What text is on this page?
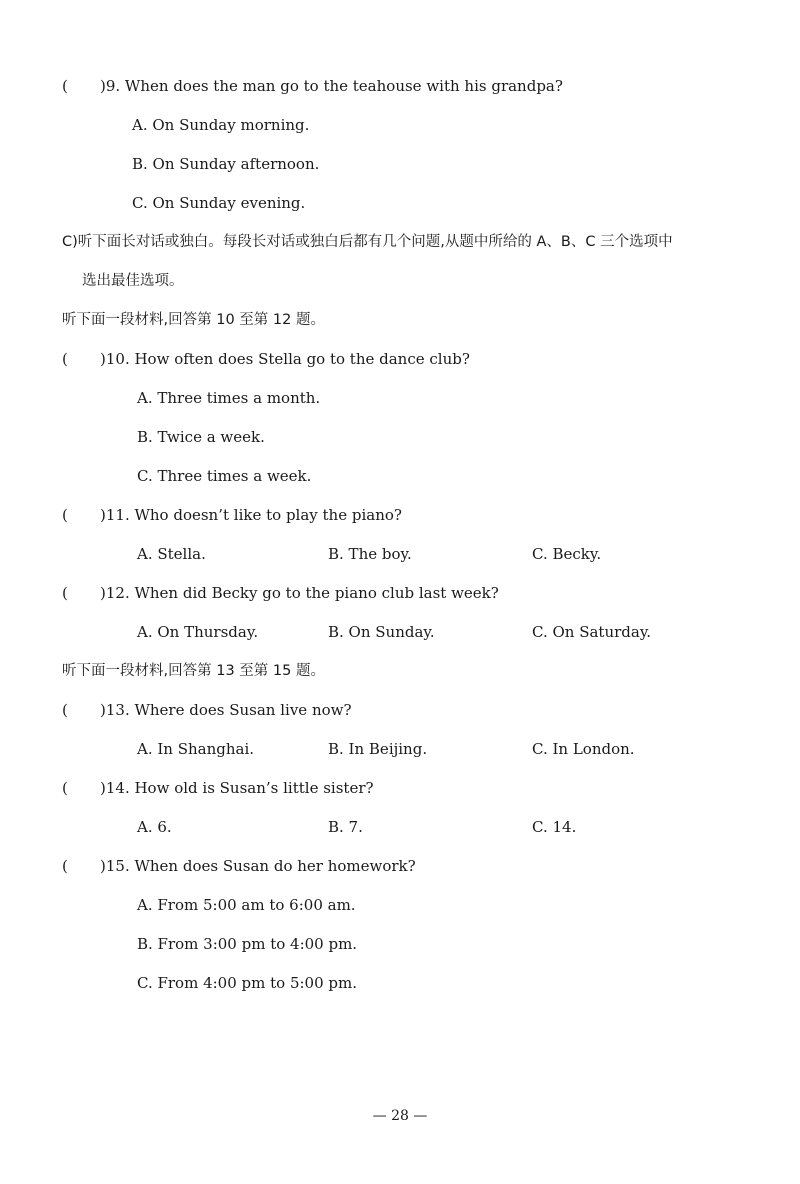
( )9. When does the man go to the teahouse with his grandpa?
A. On Sunday morning.
B. On Sunday afternoon.
C. On Sunday evening.
C)听下面长对话或独白。每段长对话或独白后都有几个问题,从题中所给的 A、B、C 三个选项中
选出最佳选项。
听下面一段材料,回答第 10 至第 12 题。
( )10. How often does Stella go to the dance club?
A. Three times a month.
B. Twice a week.
C. Three times a week.
( )11. Who doesn’t like to play the piano?
A. Stella.	B. The boy.	C. Becky.
( )12. When did Becky go to the piano club last week?
A. On Thursday.	B. On Sunday.	C. On Saturday.
听下面一段材料,回答第 13 至第 15 题。
( )13. Where does Susan live now?
A. In Shanghai.	B. In Beijing.	C. In London.
( )14. How old is Susan’s little sister?
A. 6.	B. 7.	C. 14.
( )15. When does Susan do her homework?
A. From 5:00 am to 6:00 am.
B. From 3:00 pm to 4:00 pm.
C. From 4:00 pm to 5:00 pm.
— 28 —
